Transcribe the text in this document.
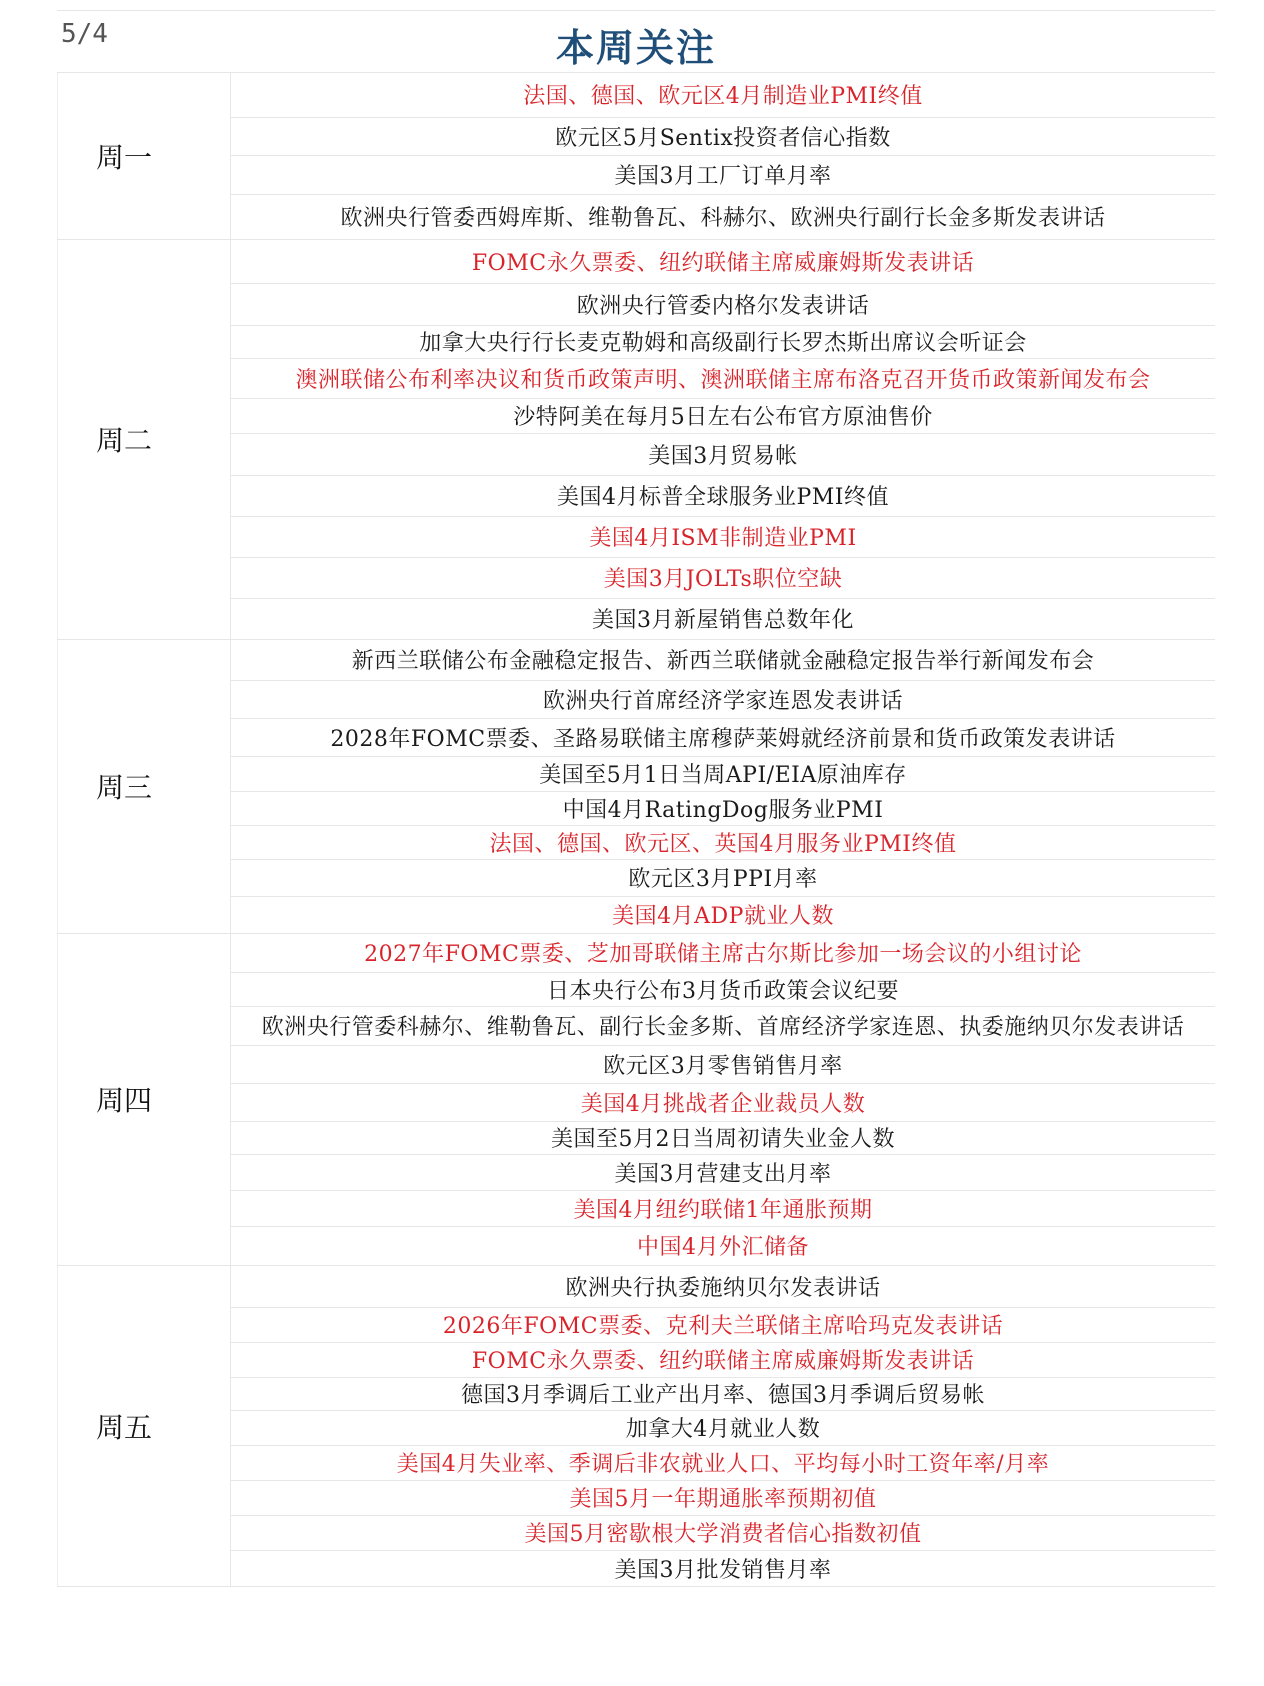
5/4	本周关注
周一	法国、德国、欧元区4月制造业PMI终值
	欧元区5月Sentix投资者信心指数
	美国3月工厂订单月率
	欧洲央行管委西姆库斯、维勒鲁瓦、科赫尔、欧洲央行副行长金多斯发表讲话
周二	FOMC永久票委、纽约联储主席威廉姆斯发表讲话
	欧洲央行管委内格尔发表讲话
	加拿大央行行长麦克勒姆和高级副行长罗杰斯出席议会听证会
	澳洲联储公布利率决议和货币政策声明、澳洲联储主席布洛克召开货币政策新闻发布会
	沙特阿美在每月5日左右公布官方原油售价
	美国3月贸易帐
	美国4月标普全球服务业PMI终值
	美国4月ISM非制造业PMI
	美国3月JOLTs职位空缺
	美国3月新屋销售总数年化
周三	新西兰联储公布金融稳定报告、新西兰联储就金融稳定报告举行新闻发布会
	欧洲央行首席经济学家连恩发表讲话
	2028年FOMC票委、圣路易联储主席穆萨莱姆就经济前景和货币政策发表讲话
	美国至5月1日当周API/EIA原油库存
	中国4月RatingDog服务业PMI
	法国、德国、欧元区、英国4月服务业PMI终值
	欧元区3月PPI月率
	美国4月ADP就业人数
周四	2027年FOMC票委、芝加哥联储主席古尔斯比参加一场会议的小组讨论
	日本央行公布3月货币政策会议纪要
	欧洲央行管委科赫尔、维勒鲁瓦、副行长金多斯、首席经济学家连恩、执委施纳贝尔发表讲话
	欧元区3月零售销售月率
	美国4月挑战者企业裁员人数
	美国至5月2日当周初请失业金人数
	美国3月营建支出月率
	美国4月纽约联储1年通胀预期
	中国4月外汇储备
周五	欧洲央行执委施纳贝尔发表讲话
	2026年FOMC票委、克利夫兰联储主席哈玛克发表讲话
	FOMC永久票委、纽约联储主席威廉姆斯发表讲话
	德国3月季调后工业产出月率、德国3月季调后贸易帐
	加拿大4月就业人数
	美国4月失业率、季调后非农就业人口、平均每小时工资年率/月率
	美国5月一年期通胀率预期初值
	美国5月密歇根大学消费者信心指数初值
	美国3月批发销售月率
